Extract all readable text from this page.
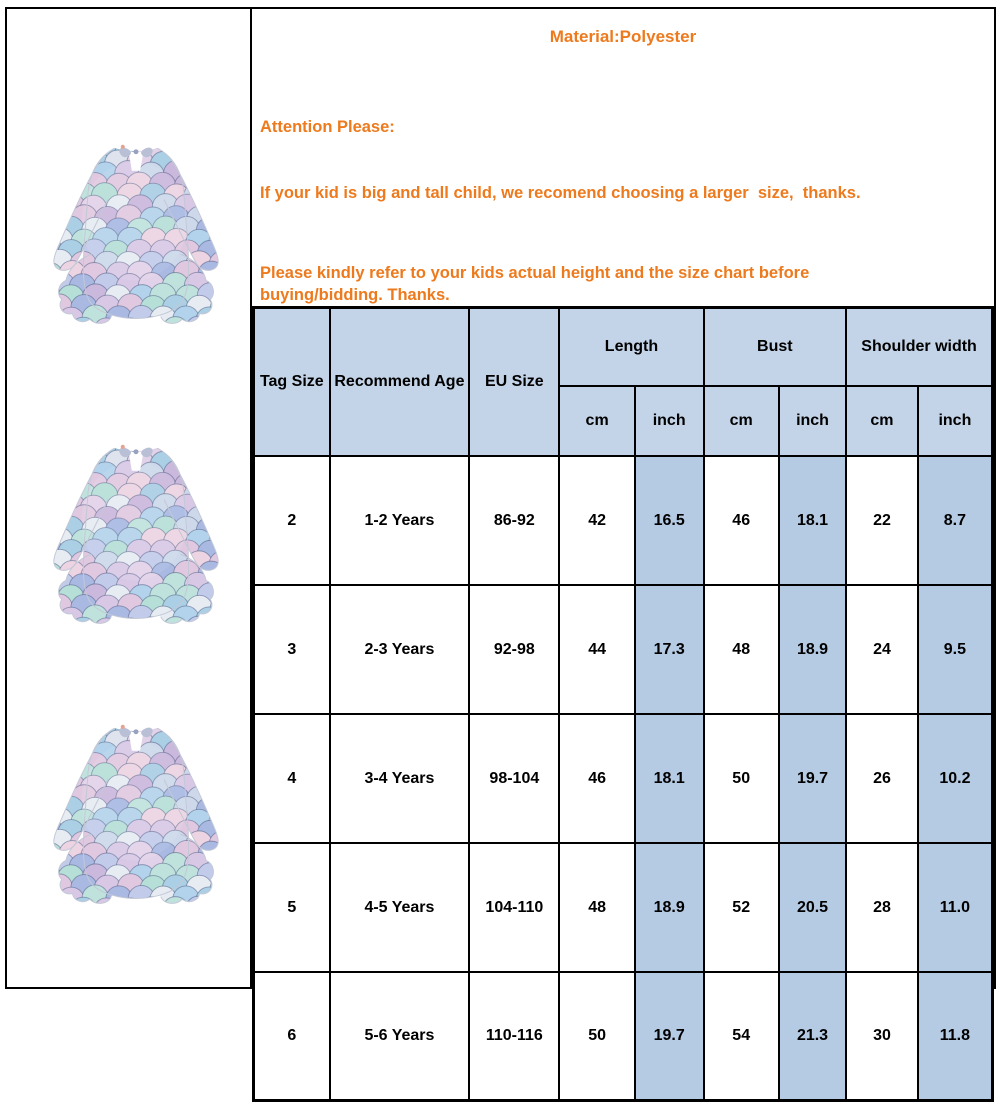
Material:Polyester

Attention Please:

If your kid is big and tall child, we recomend choosing a larger  size,  thanks.

Please kindly refer to your kids actual height and the size chart before
buying/bidding. Thanks.
Tag Size	Recommend Age	EU Size	Length		Bust		Shoulder width	
			cm	inch	cm	inch	cm	inch
2	1-2 Years	86-92	42	16.5	46	18.1	22	8.7
3	2-3 Years	92-98	44	17.3	48	18.9	24	9.5
4	3-4 Years	98-104	46	18.1	50	19.7	26	10.2
5	4-5 Years	104-110	48	18.9	52	20.5	28	11.0
6	5-6 Years	110-116	50	19.7	54	21.3	30	11.8
